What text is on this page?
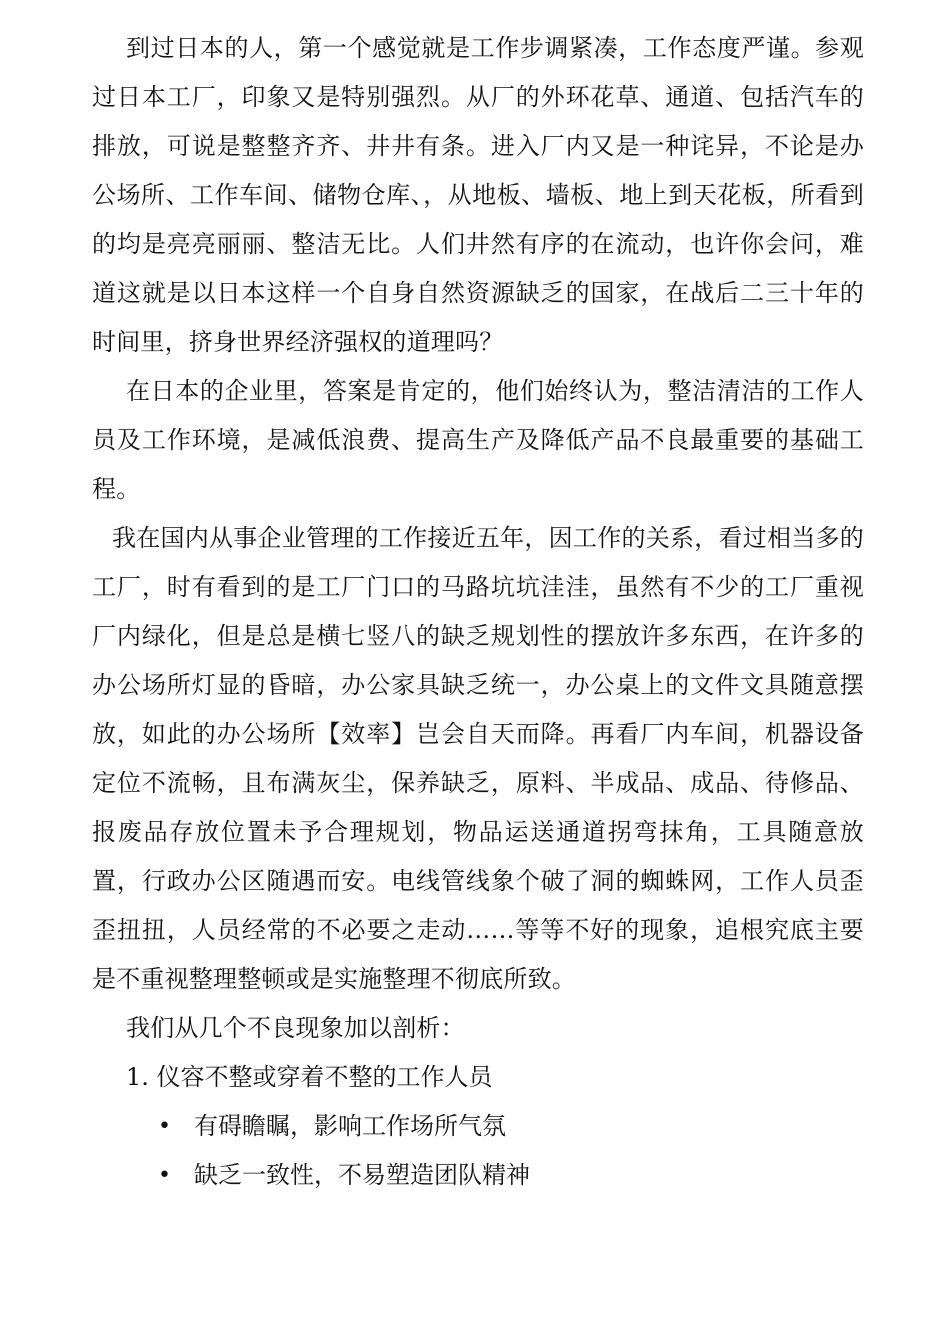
到过日本的人，第一个感觉就是工作步调紧凑，工作态度严谨。参观过日本工厂，印象又是特别强烈。从厂的外环花草、通道、包括汽车的排放，可说是整整齐齐、井井有条。进入厂内又是一种诧异，不论是办公场所、工作车间、储物仓库、，从地板、墙板、地上到天花板，所看到的均是亮亮丽丽、整洁无比。人们井然有序的在流动，也许你会问，难道这就是以日本这样一个自身自然资源缺乏的国家，在战后二三十年的时间里，挤身世界经济强权的道理吗？

在日本的企业里，答案是肯定的，他们始终认为，整洁清洁的工作人员及工作环境，是减低浪费、提高生产及降低产品不良最重要的基础工程。

我在国内从事企业管理的工作接近五年，因工作的关系，看过相当多的工厂，时有看到的是工厂门口的马路坑坑洼洼，虽然有不少的工厂重视厂内绿化，但是总是横七竖八的缺乏规划性的摆放许多东西，在许多的办公场所灯显的昏暗，办公家具缺乏统一，办公桌上的文件文具随意摆放，如此的办公场所【效率】岂会自天而降。再看厂内车间，机器设备定位不流畅，且布满灰尘，保养缺乏，原料、半成品、成品、待修品、报废品存放位置未予合理规划，物品运送通道拐弯抹角，工具随意放置，行政办公区随遇而安。电线管线象个破了洞的蜘蛛网，工作人员歪歪扭扭，人员经常的不必要之走动……等等不好的现象，追根究底主要是不重视整理整顿或是实施整理不彻底所致。

我们从几个不良现象加以剖析：

1. 仪容不整或穿着不整的工作人员

• 有碍瞻瞩，影响工作场所气氛

• 缺乏一致性，不易塑造团队精神
